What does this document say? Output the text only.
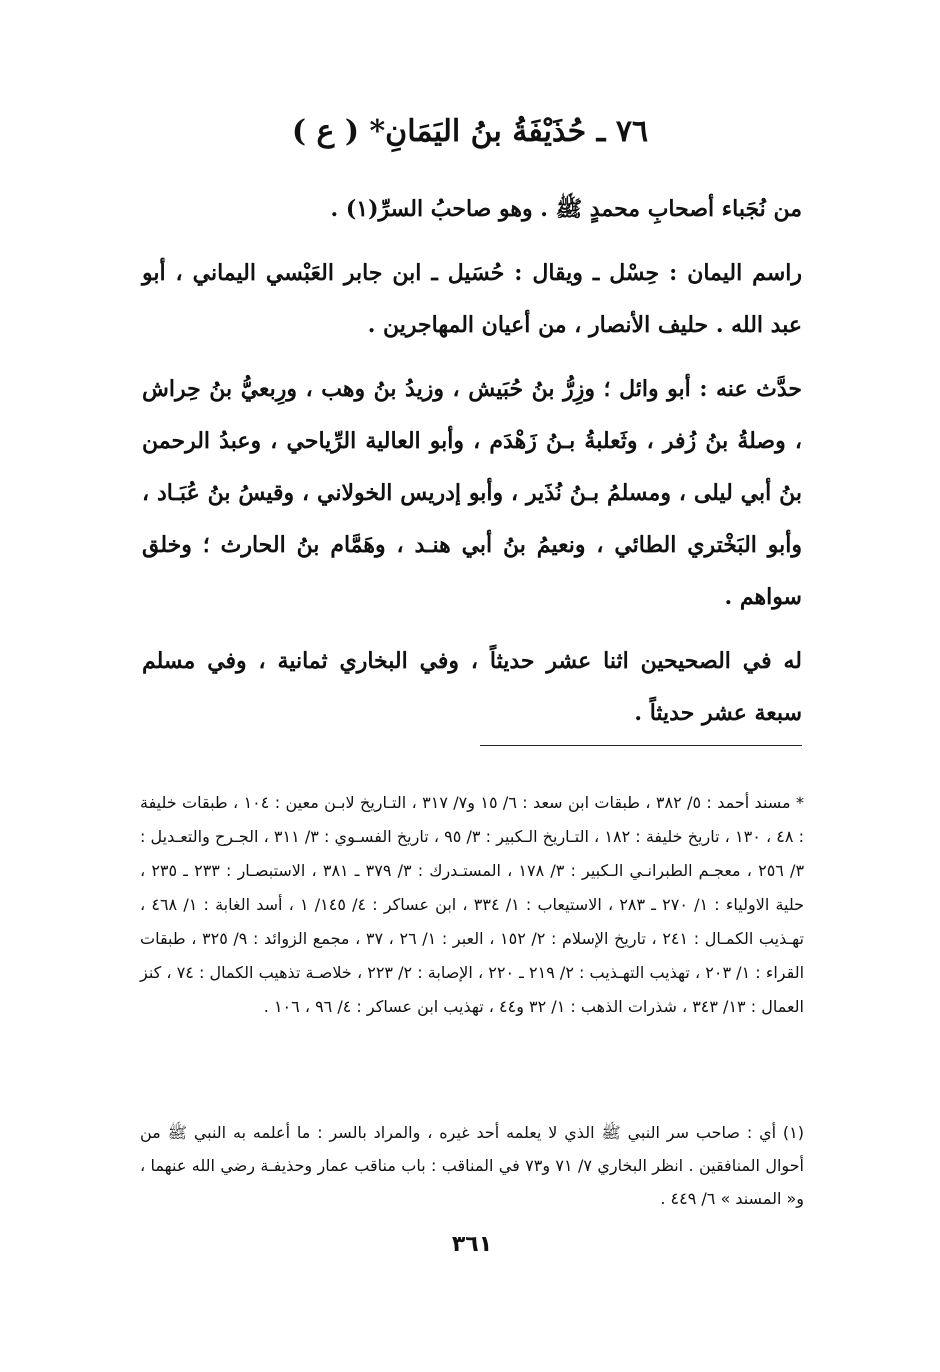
٧٦ ـ حُذَيْفَةُ بنُ اليَمَانِ* ( ع )

من نُجَباء أصحابِ محمدٍ ﷺ . وهو صاحبُ السرِّ(١) .

راسم اليمان : حِسْل ـ ويقال : حُسَيل ـ ابن جابر العَبْسي اليماني ، أبو عبد الله . حليف الأنصار ، من أعيان المهاجرين .

حدَّث عنه : أبو وائل ؛ وزِرُّ بنُ حُبَيش ، وزيدُ بنُ وهب ، ورِبعيُّ بنُ حِراش ، وصلةُ بنُ زُفر ، وثَعلبةُ بـنُ زَهْدَم ، وأبو العالية الرِّياحي ، وعبدُ الرحمن بنُ أبي ليلى ، ومسلمُ بـنُ نُذَير ، وأبو إدريس الخولاني ، وقيسُ بنُ عُبَـاد ، وأبو البَخْتري الطائي ، ونعيمُ بنُ أبي هنـد ، وهَمَّام بنُ الحارث ؛ وخلق سواهم .

له في الصحيحين اثنا عشر حديثاً ، وفي البخاري ثمانية ، وفي مسلم سبعة عشر حديثاً .

* مسند أحمد : ٥/ ٣٨٢ ، طبقات ابن سعد : ٦/ ١٥ و٧/ ٣١٧ ، التـاريخ لابـن معين : ١٠٤ ، طبقات خليفة : ٤٨ ، ١٣٠ ، تاريخ خليفة : ١٨٢ ، التـاريخ الـكبير : ٣/ ٩٥ ، تاريخ الفسـوي : ٣/ ٣١١ ، الجـرح والتعـديل : ٣/ ٢٥٦ ، معجـم الطبرانـي الـكبير : ٣/ ١٧٨ ، المستـدرك : ٣/ ٣٧٩ ـ ٣٨١ ، الاستبصـار : ٢٣٣ ـ ٢٣٥ ، حلية الاولياء : ١/ ٢٧٠ ـ ٢٨٣ ، الاستيعاب : ١/ ٣٣٤ ، ابن عساكر : ٤/ ١٤٥/ ١ ، أسد الغابة : ١/ ٤٦٨ ، تهـذيب الكمـال : ٢٤١ ، تاريخ الإسلام : ٢/ ١٥٢ ، العبر : ١/ ٢٦ ، ٣٧ ، مجمع الزوائد : ٩/ ٣٢٥ ، طبقات القراء : ١/ ٢٠٣ ، تهذيب التهـذيب : ٢/ ٢١٩ ـ ٢٢٠ ، الإصابة : ٢/ ٢٢٣ ، خلاصـة تذهيب الكمال : ٧٤ ، كنز العمال : ١٣/ ٣٤٣ ، شذرات الذهب : ١/ ٣٢ و٤٤ ، تهذيب ابن عساكر : ٤/ ٩٦ ، ١٠٦ .

(١) أي : صاحب سر النبي ﷺ الذي لا يعلمه أحد غيره ، والمراد بالسر : ما أعلمه به النبي ﷺ من أحوال المنافقين . انظر البخاري ٧/ ٧١ و٧٣ في المناقب : باب مناقب عمار وحذيفـة رضي الله عنهما ، و« المسند » ٦/ ٤٤٩ .

٣٦١
